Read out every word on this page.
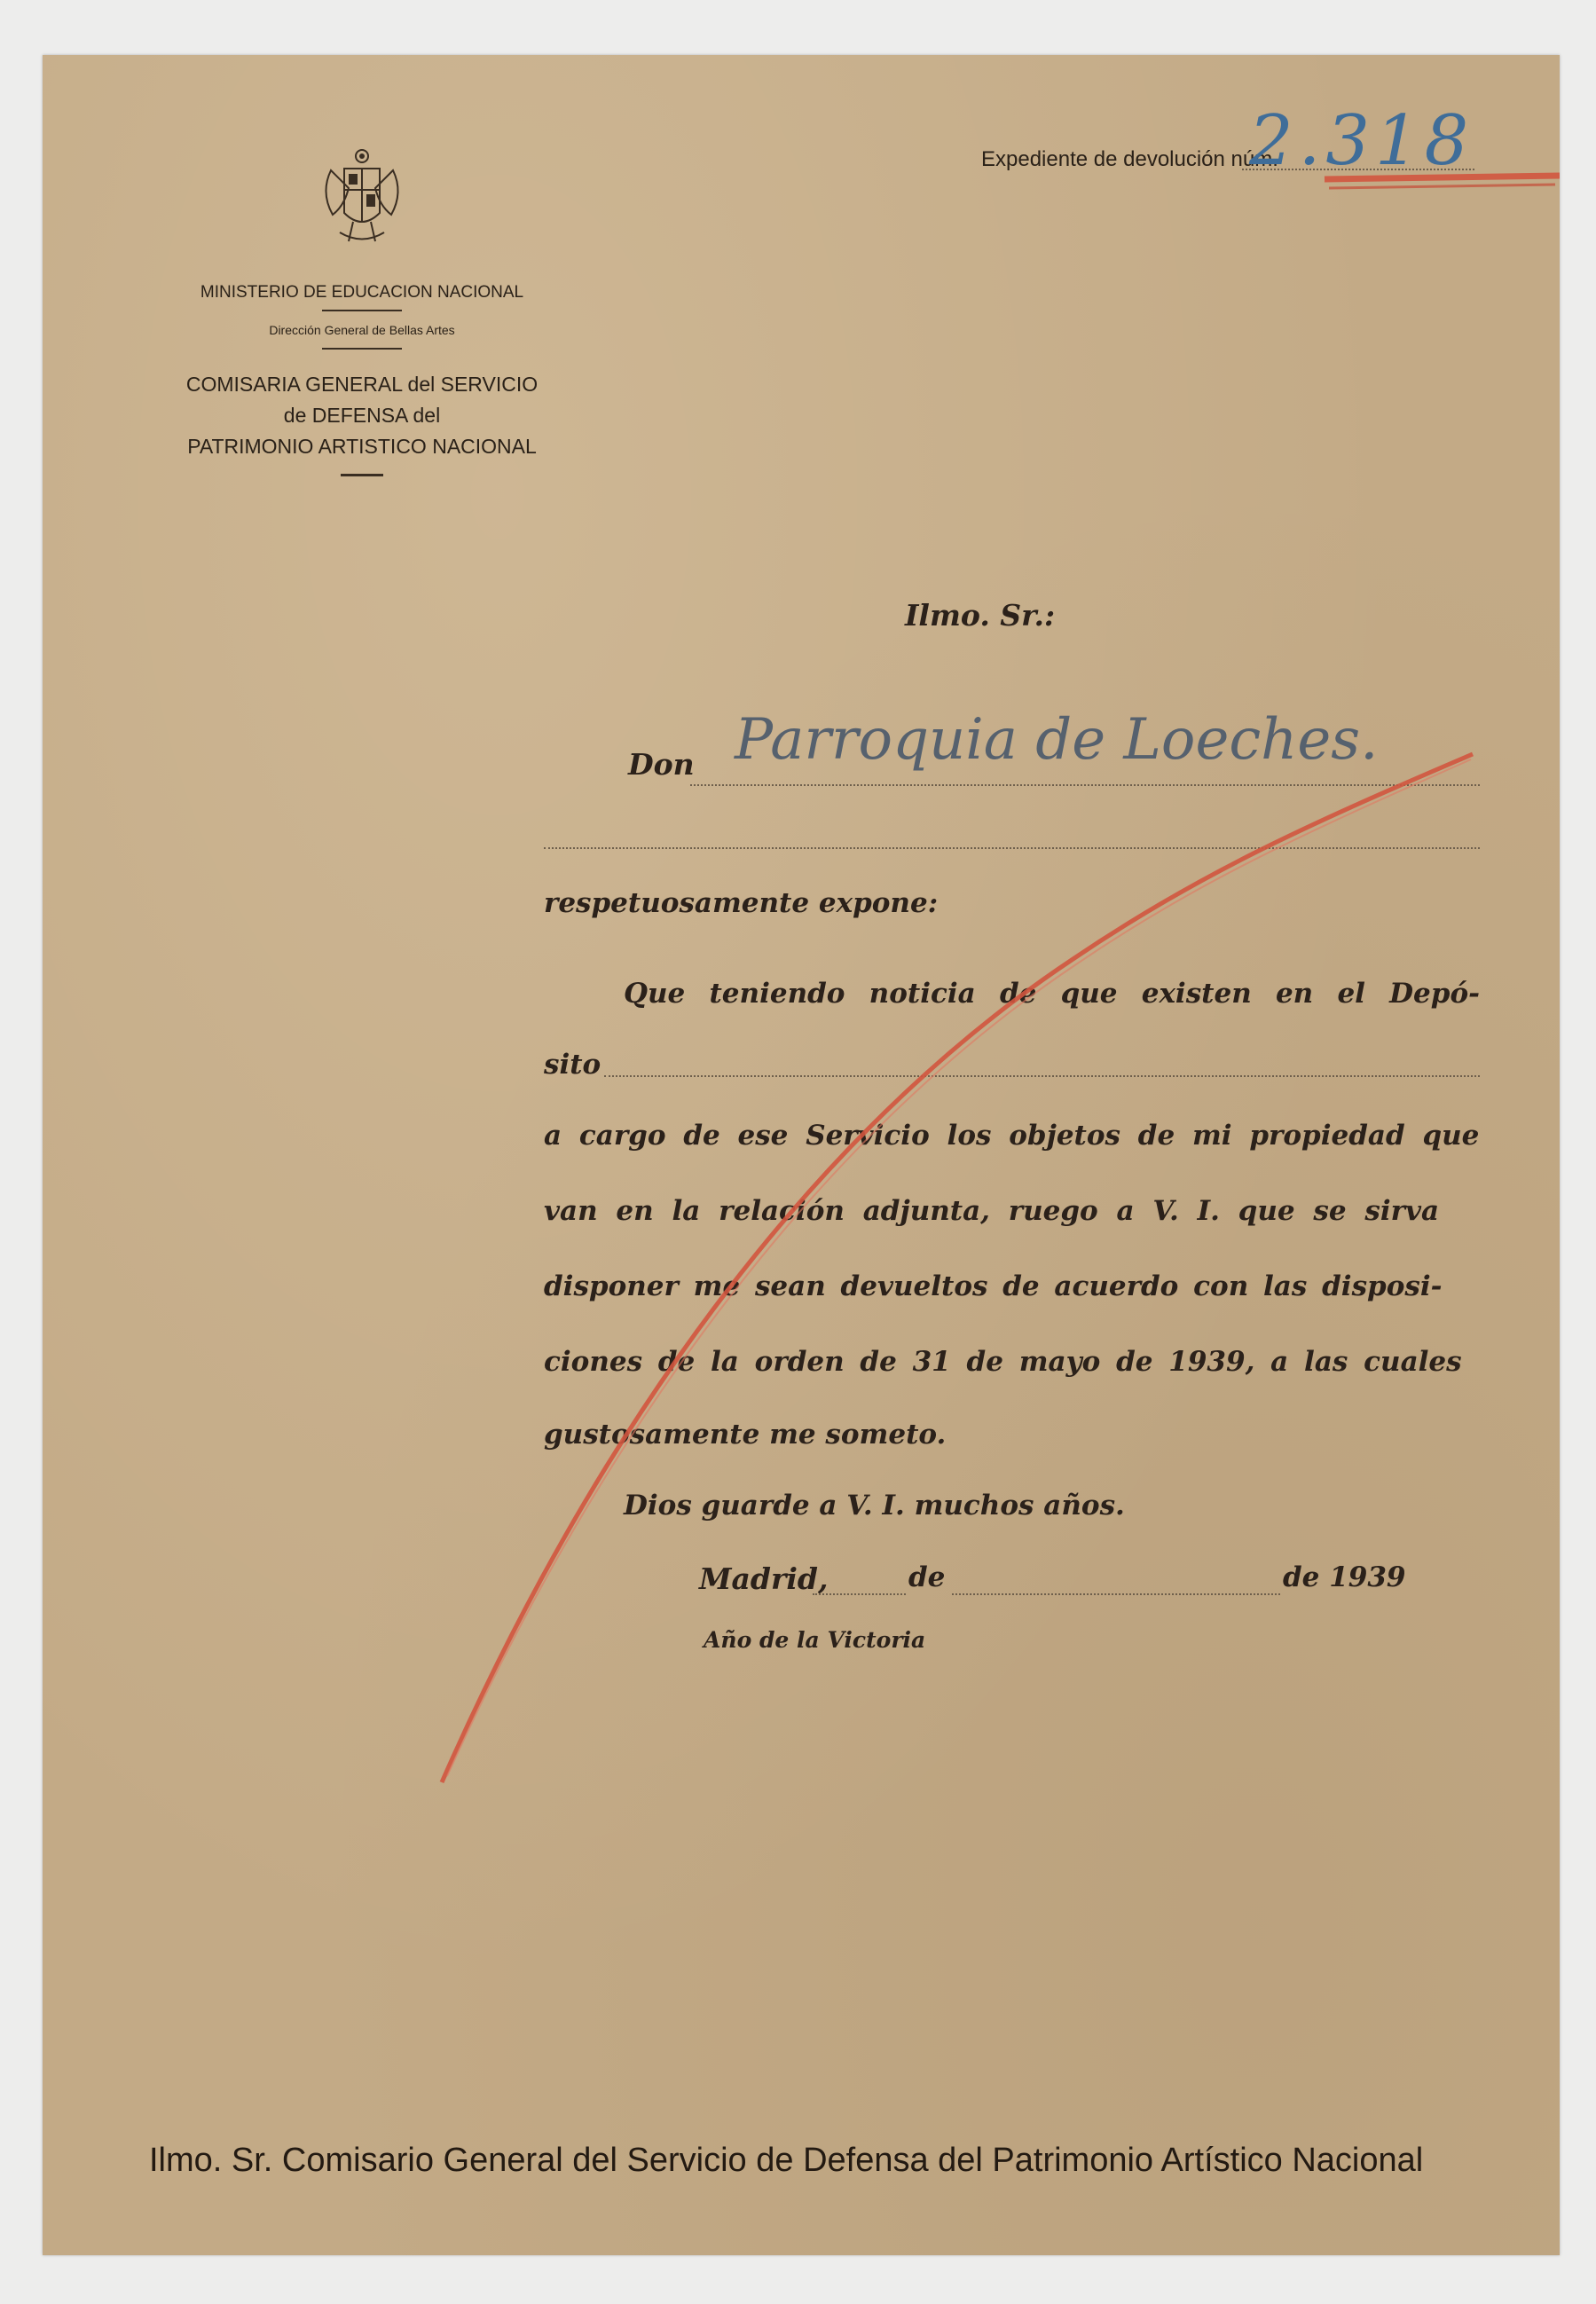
MINISTERIO DE EDUCACION NACIONAL
Dirección General de Bellas Artes
COMISARIA GENERAL del SERVICIO
de DEFENSA del
PATRIMONIO ARTISTICO NACIONAL
Expediente de devolución núm.
2.318
Ilmo. Sr.:
Don Parroquia de Loeches.
respetuosamente expone:
Que teniendo noticia de que existen en el Depó-
sito
a cargo de ese Servicio los objetos de mi propiedad que
van en la relación adjunta, ruego a V. I. que se sirva
disponer me sean devueltos de acuerdo con las disposi-
ciones de la orden de 31 de mayo de 1939, a las cuales
gustosamente me someto.
Dios guarde a V. I. muchos años.
Madrid,	de	de 1939
Año de la Victoria
Ilmo. Sr. Comisario General del Servicio de Defensa del Patrimonio Artístico Nacional
